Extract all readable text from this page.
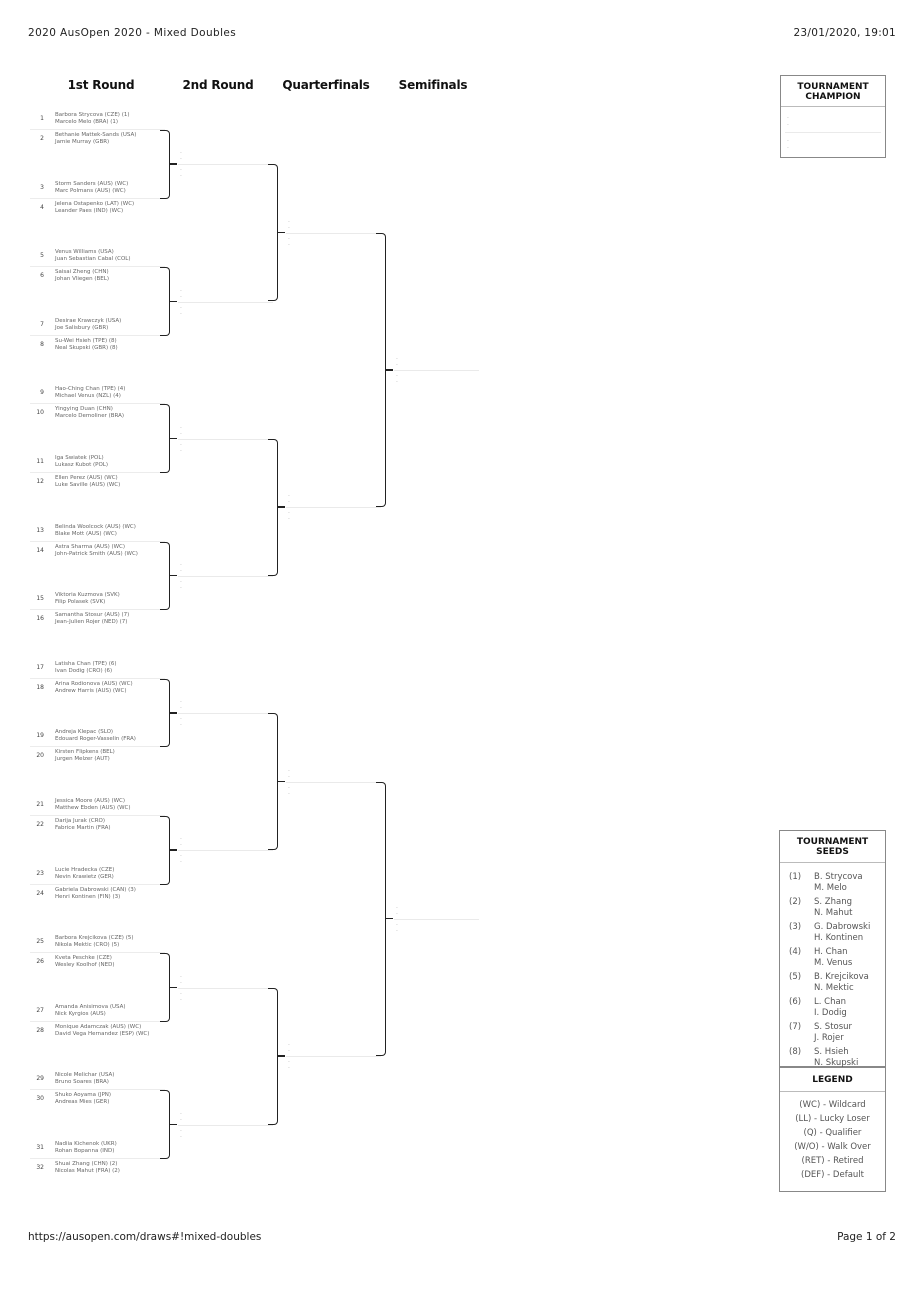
2020 AusOpen 2020 - Mixed Doubles	23/01/2020, 19:01
1st Round	2nd Round	Quarterfinals	Semifinals
1 Barbora Strycova (CZE) (1)
Marcelo Melo (BRA) (1)
2 Bethanie Mattek-Sands (USA)
Jamie Murray (GBR)
3 Storm Sanders (AUS) (WC)
Marc Polmans (AUS) (WC)
4 Jelena Ostapenko (LAT) (WC)
Leander Paes (IND) (WC)
5 Venus Williams (USA)
Juan Sebastian Cabal (COL)
6 Saisai Zheng (CHN)
Johan Vliegen (BEL)
7 Desirae Krawczyk (USA)
Joe Salisbury (GBR)
8 Su-Wei Hsieh (TPE) (8)
Neal Skupski (GBR) (8)
9 Hao-Ching Chan (TPE) (4)
Michael Venus (NZL) (4)
10 Yingying Duan (CHN)
Marcelo Demoliner (BRA)
11 Iga Swiatek (POL)
Lukasz Kubot (POL)
12 Ellen Perez (AUS) (WC)
Luke Saville (AUS) (WC)
13 Belinda Woolcock (AUS) (WC)
Blake Mott (AUS) (WC)
14 Astra Sharma (AUS) (WC)
John-Patrick Smith (AUS) (WC)
15 Viktoria Kuzmova (SVK)
Filip Polasek (SVK)
16 Samantha Stosur (AUS) (7)
Jean-Julien Rojer (NED) (7)
17 Latisha Chan (TPE) (6)
Ivan Dodig (CRO) (6)
18 Arina Rodionova (AUS) (WC)
Andrew Harris (AUS) (WC)
19 Andreja Klepac (SLO)
Edouard Roger-Vasselin (FRA)
20 Kirsten Flipkens (BEL)
Jurgen Melzer (AUT)
21 Jessica Moore (AUS) (WC)
Matthew Ebden (AUS) (WC)
22 Darija Jurak (CRO)
Fabrice Martin (FRA)
23 Lucie Hradecka (CZE)
Nevin Krawietz (GER)
24 Gabriela Dabrowski (CAN) (3)
Henri Kontinen (FIN) (3)
25 Barbora Krejcikova (CZE) (5)
Nikola Mektic (CRO) (5)
26 Kveta Peschke (CZE)
Wesley Koolhof (NED)
27 Amanda Anisimova (USA)
Nick Kyrgios (AUS)
28 Monique Adamczak (AUS) (WC)
David Vega Hernandez (ESP) (WC)
29 Nicole Melichar (USA)
Bruno Soares (BRA)
30 Shuko Aoyama (JPN)
Andreas Mies (GER)
31 Nadiia Kichenok (UKR)
Rohan Bopanna (IND)
32 Shuai Zhang (CHN) (2)
Nicolas Mahut (FRA) (2)
-
-
-
-
-
-
-
-
-
-
-
-
-
-
-
-
-
-
-
-
-
-
-
-
-
-
-
-
-
-
-
-
-
-
-
-
-
-
-
-
-
-
-
-
-
-
-
-
-
-
-
-
-
-
-
-
TOURNAMENT
CHAMPION
-
-
-
-
TOURNAMENT
SEEDS
(1) B. Strycova
M. Melo
(2) S. Zhang
N. Mahut
(3) G. Dabrowski
H. Kontinen
(4) H. Chan
M. Venus
(5) B. Krejcikova
N. Mektic
(6) L. Chan
I. Dodig
(7) S. Stosur
J. Rojer
(8) S. Hsieh
N. Skupski
LEGEND
(WC) - Wildcard
(LL) - Lucky Loser
(Q) - Qualifier
(W/O) - Walk Over
(RET) - Retired
(DEF) - Default
https://ausopen.com/draws#!mixed-doubles	Page 1 of 2
